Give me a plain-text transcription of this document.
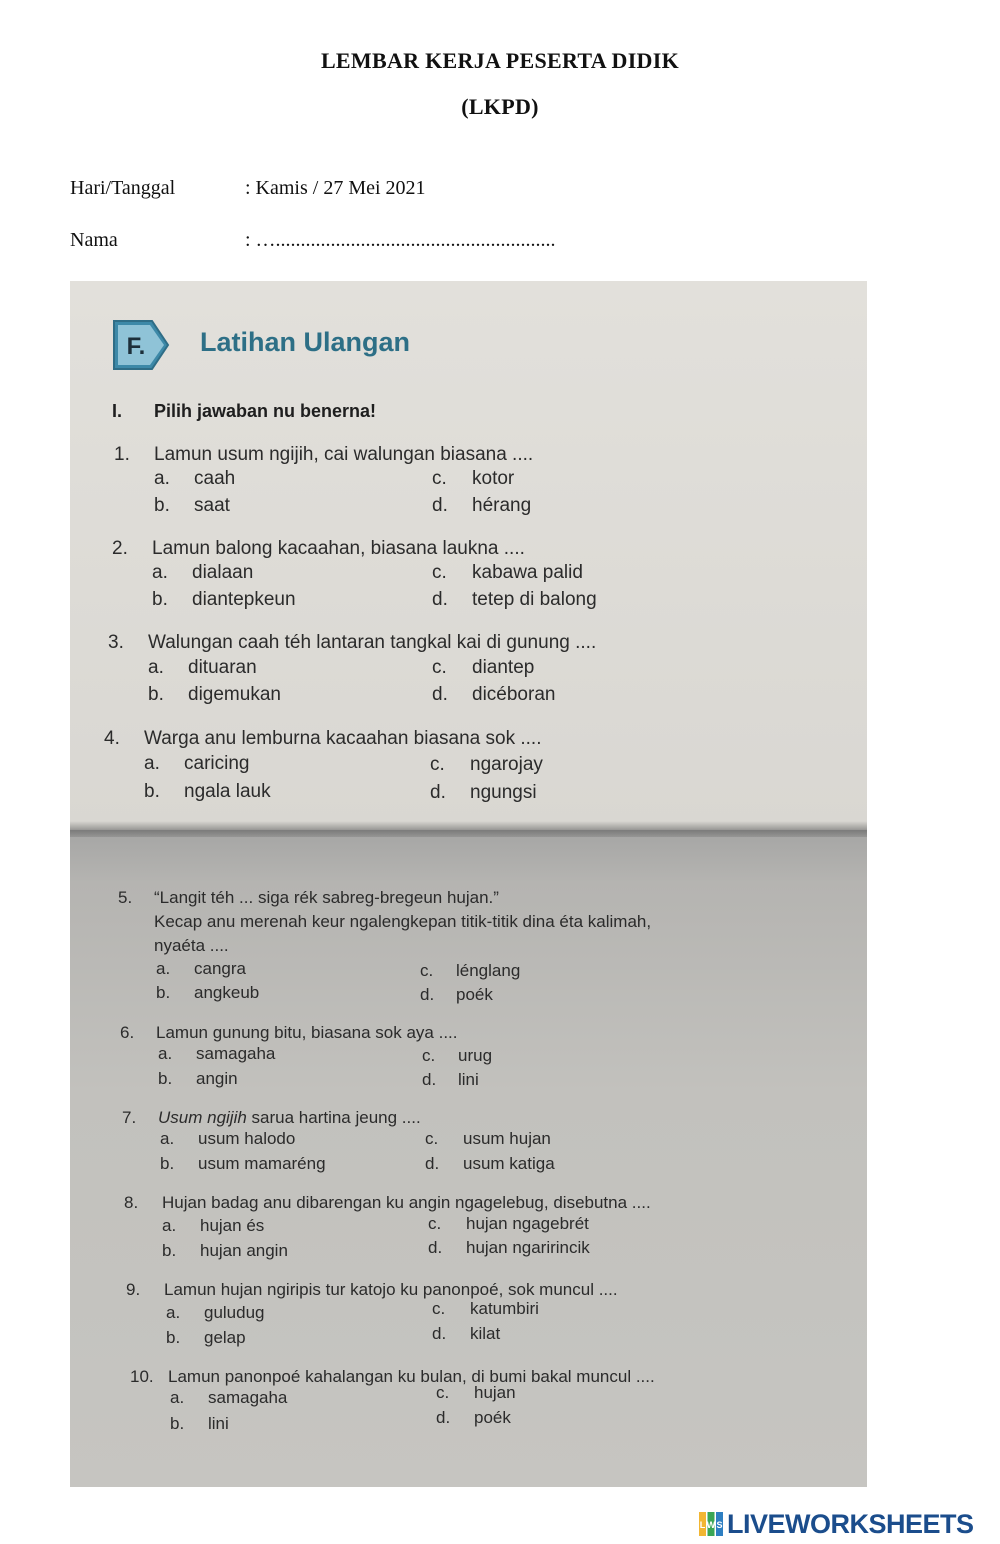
LEMBAR KERJA PESERTA DIDIK
(LKPD)
Hari/Tanggal	: Kamis / 27 Mei 2021
Nama	: …........................................................
F. Latihan Ulangan
I. Pilih jawaban nu benerna!
1. Lamun usum ngijih, cai walungan biasana ....
a. caah
b. saat
c. kotor
d. hérang
2. Lamun balong kacaahan, biasana laukna ....
a. dialaan
b. diantepkeun
c. kabawa palid
d. tetep di balong
3. Walungan caah téh lantaran tangkal kai di gunung ....
a. dituaran
b. digemukan
c. diantep
d. dicéboran
4. Warga anu lemburna kacaahan biasana sok ....
a. caricing
b. ngala lauk
c. ngarojay
d. ngungsi
5. “Langit téh ... siga rék sabreg-bregeun hujan.”
Kecap anu merenah keur ngalengkepan titik-titik dina éta kalimah,
nyaéta ....
a. cangra
b. angkeub
c. lénglang
d. poék
6. Lamun gunung bitu, biasana sok aya ....
a. samagaha
b. angin
c. urug
d. lini
7. Usum ngijih sarua hartina jeung ....
a. usum halodo
b. usum mamaréng
c. usum hujan
d. usum katiga
8. Hujan badag anu dibarengan ku angin ngagelebug, disebutna ....
a. hujan és
b. hujan angin
c. hujan ngagebrét
d. hujan ngaririncik
9. Lamun hujan ngiripis tur katojo ku panonpoé, sok muncul ....
a. guludug
b. gelap
c. katumbiri
d. kilat
10. Lamun panonpoé kahalangan ku bulan, di bumi bakal muncul ....
a. samagaha
b. lini
c. hujan
d. poék
L W S LIVEWORKSHEETS
